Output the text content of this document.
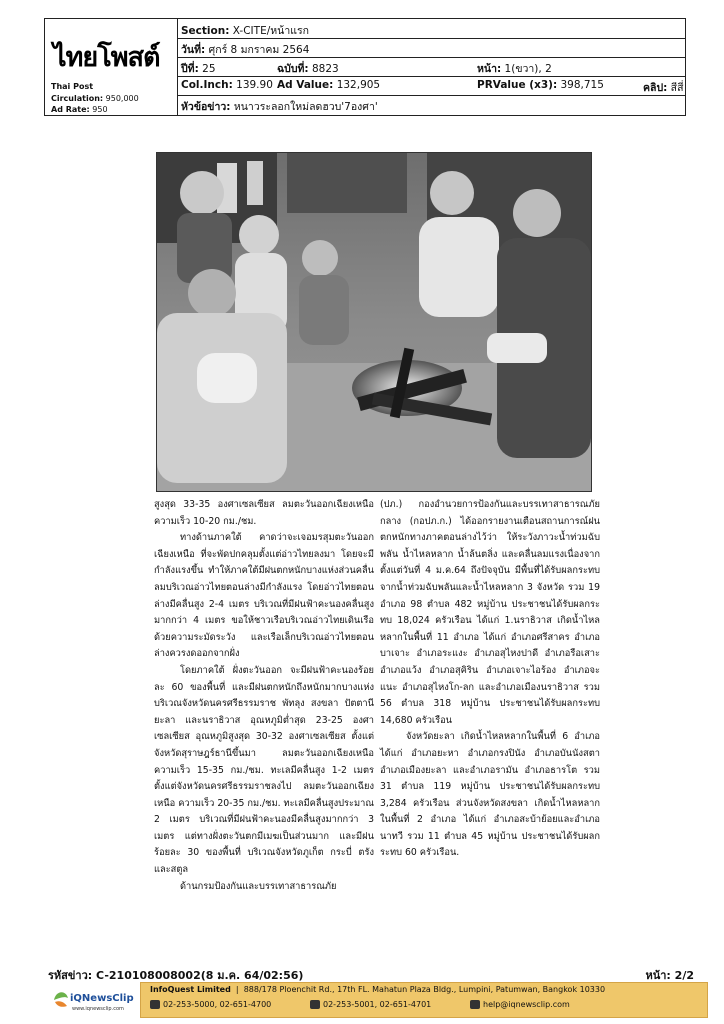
ไทยโพสต์
Thai Post
Circulation: 950,000
Ad Rate: 950
Section: X-CITE/หน้าแรก
วันที่: ศุกร์ 8 มกราคม 2564
ปีที่: 25	ฉบับที่: 8823	หน้า: 1(ขวา), 2
Col.Inch: 139.90 Ad Value: 132,905	PRValue (x3): 398,715	คลิป: สีสี่
หัวข้อข่าว: หนาวระลอกใหม่ลดฮวบ'7องศา'

สูงสุด 33-35 องศาเซลเซียส ลมตะวันออกเฉียงเหนือ ความเร็ว 10-20 กม./ชม.

ทางด้านภาคใต้ คาดว่าจะเจอมรสุมตะวันออกเฉียงเหนือ ที่จะพัดปกคลุมตั้งแต่อ่าวไทยลงมา โดยจะมีกำลังแรงขึ้น ทำให้ภาคใต้มีฝนตกหนักบางแห่งส่วนคลื่นลมบริเวณอ่าวไทยตอนล่างมีกำลังแรง โดยอ่าวไทยตอนล่างมีคลื่นสูง 2-4 เมตร บริเวณที่มีฝนฟ้าคะนองคลื่นสูงมากกว่า 4 เมตร ขอให้ชาวเรือบริเวณอ่าวไทยเดินเรือด้วยความระมัดระวัง และเรือเล็กบริเวณอ่าวไทยตอนล่างควรงดออกจากฝั่ง

โดยภาคใต้ ฝั่งตะวันออก จะมีฝนฟ้าคะนองร้อยละ 60 ของพื้นที่ และมีฝนตกหนักถึงหนักมากบางแห่ง บริเวณจังหวัดนครศรีธรรมราช พัทลุง สงขลา ปัตตานี ยะลา และนราธิวาส อุณหภูมิต่ำสุด 23-25 องศาเซลเซียส อุณหภูมิสูงสุด 30-32 องศาเซลเซียส ตั้งแต่จังหวัดสุราษฎร์ธานีขึ้นมา ลมตะวันออกเฉียงเหนือ ความเร็ว 15-35 กม./ชม. ทะเลมีคลื่นสูง 1-2 เมตรตั้งแต่จังหวัดนครศรีธรรมราชลงไป ลมตะวันออกเฉียงเหนือ ความเร็ว 20-35 กม./ชม. ทะเลมีคลื่นสูงประมาณ 2 เมตร บริเวณที่มีฝนฟ้าคะนองมีคลื่นสูงมากกว่า 3 เมตร แต่ทางฝั่งตะวันตกมีเมฆเป็นส่วนมาก และมีฝนร้อยละ 30 ของพื้นที่ บริเวณจังหวัดภูเก็ต กระบี่ ตรัง และสตูล

ด้านกรมป้องกันและบรรเทาสาธารณภัย

(ปภ.) กองอำนวยการป้องกันและบรรเทาสาธารณภัยกลาง (กอปภ.ก.) ได้ออกรายงานเตือนสถานการณ์ฝนตกหนักทางภาคตอนล่างไว้ว่า ให้ระวังภาวะน้ำท่วมฉับพลัน น้ำไหลหลาก น้ำล้นตลิ่ง และคลื่นลมแรงเนื่องจากตั้งแต่วันที่ 4 ม.ค.64 ถึงปัจจุบัน มีพื้นที่ได้รับผลกระทบจากน้ำท่วมฉับพลันและน้ำไหลหลาก 3 จังหวัด รวม 19 อำเภอ 98 ตำบล 482 หมู่บ้าน ประชาชนได้รับผลกระทบ 18,024 ครัวเรือน ได้แก่ 1.นราธิวาส เกิดน้ำไหลหลากในพื้นที่ 11 อำเภอ ได้แก่ อำเภอศรีสาคร อำเภอบาเจาะ อำเภอระแงะ อำเภอสุไหงปาดี อำเภอรือเสาะ อำเภอแว้ง อำเภอสุคิริน อำเภอเจาะไอร้อง อำเภอจะแนะ อำเภอสุไหงโก-ลก และอำเภอเมืองนราธิวาส รวม 56 ตำบล 318 หมู่บ้าน ประชาชนได้รับผลกระทบ 14,680 ครัวเรือน

จังหวัดยะลา เกิดน้ำไหลหลากในพื้นที่ 6 อำเภอ ได้แก่ อำเภอยะหา อำเภอกรงปินัง อำเภอบันนังสตา อำเภอเมืองยะลา และอำเภอรามัน อำเภอธารโต รวม 31 ตำบล 119 หมู่บ้าน ประชาชนได้รับผลกระทบ 3,284 ครัวเรือน ส่วนจังหวัดสงขลา เกิดน้ำไหลหลากในพื้นที่ 2 อำเภอ ได้แก่ อำเภอสะบ้าย้อยและอำเภอนาทวี รวม 11 ตำบล 45 หมู่บ้าน ประชาชนได้รับผลกระทบ 60 ครัวเรือน.

รหัสข่าว: C-210108008002(8 ม.ค. 64/02:56)	หน้า: 2/2
iQNewsClip
www.iqnewsclip.com
InfoQuest Limited  |  888/178 Ploenchit Rd., 17th FL. Mahatun Plaza Bldg., Lumpini, Patumwan, Bangkok 10330
02-253-5000, 02-651-4700	02-253-5001, 02-651-4701	help@iqnewsclip.com
